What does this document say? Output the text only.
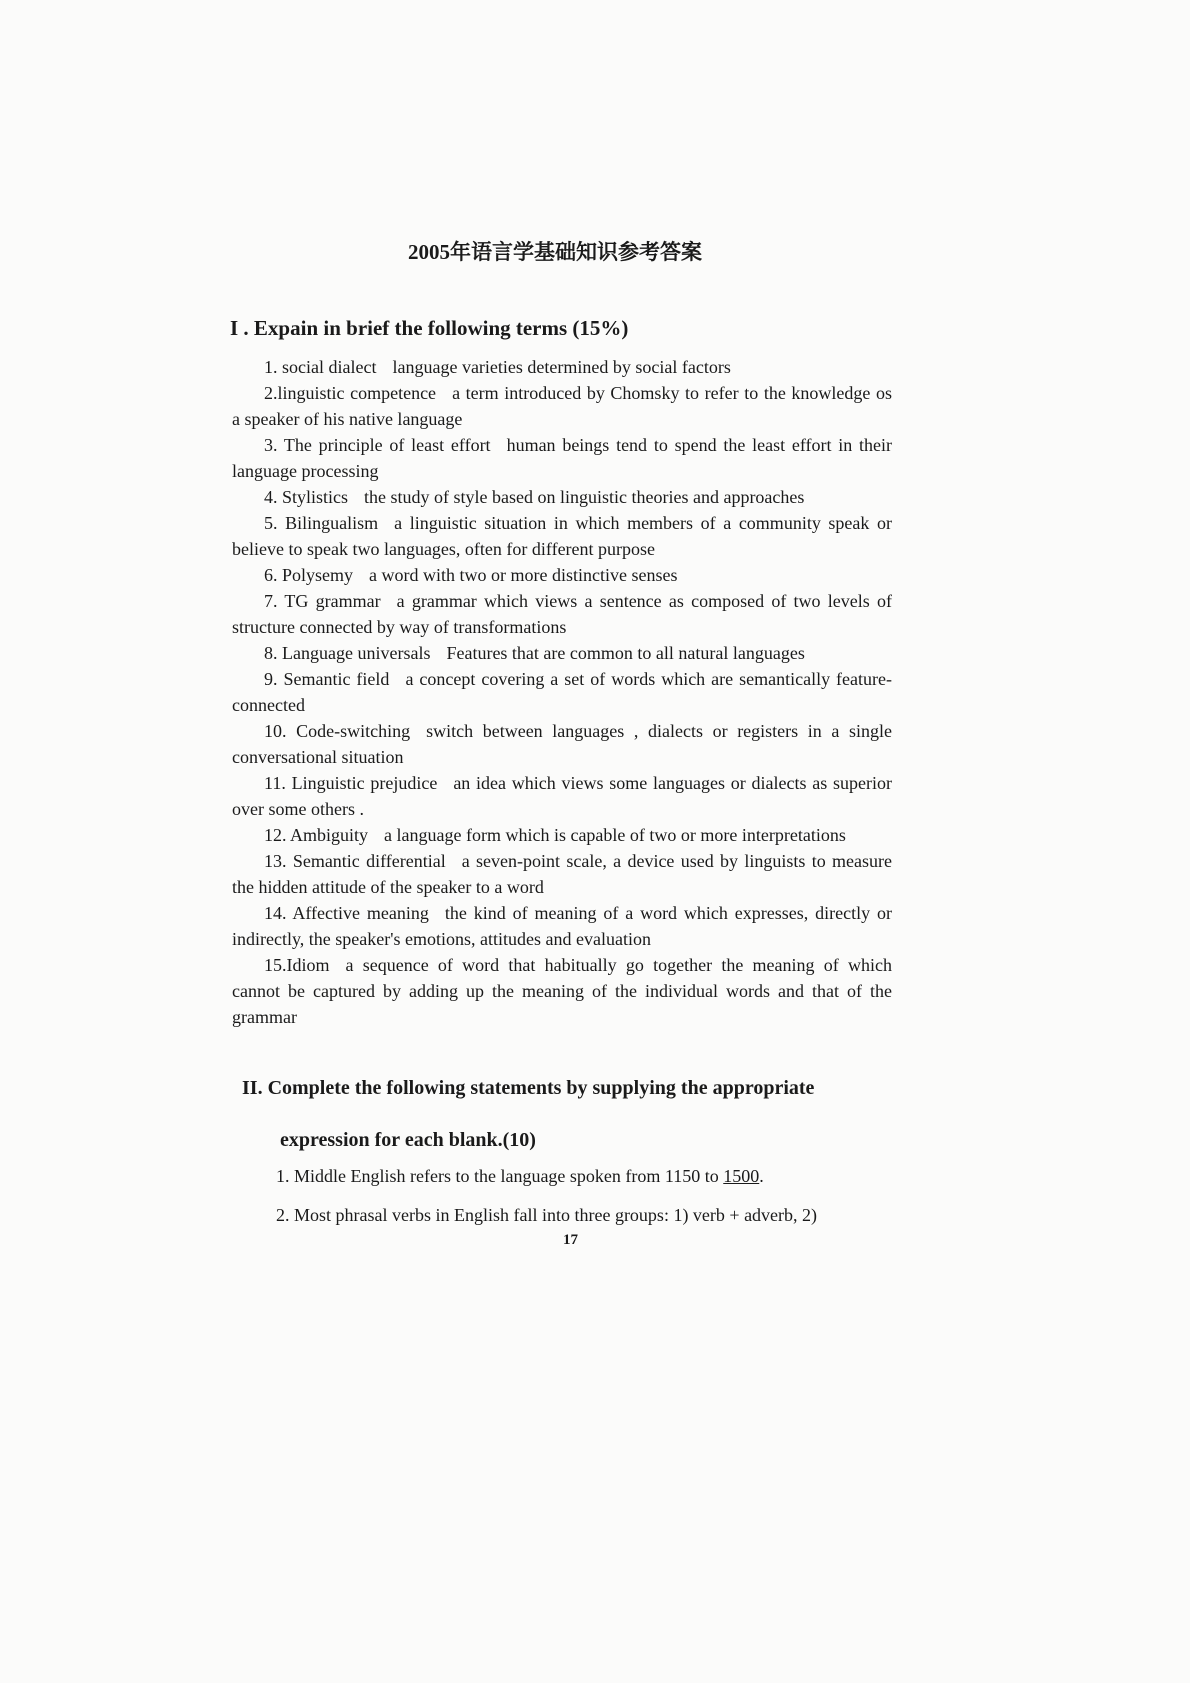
2005年语言学基础知识参考答案
I . Expain in brief the following terms (15%)

1. social dialect language varieties determined by social factors

2.linguistic competence a term introduced by Chomsky to refer to the knowledge os a speaker of his native language

3. The principle of least effort human beings tend to spend the least effort in their language processing

4. Stylistics the study of style based on linguistic theories and approaches

5. Bilingualism a linguistic situation in which members of a community speak or believe to speak two languages, often for different purpose

6. Polysemy a word with two or more distinctive senses

7. TG grammar a grammar which views a sentence as composed of two levels of structure connected by way of transformations

8. Language universals Features that are common to all natural languages

9. Semantic field a concept covering a set of words which are semantically feature-connected

10. Code-switching switch between languages , dialects or registers in a single conversational situation

11. Linguistic prejudice an idea which views some languages or dialects as superior over some others .

12. Ambiguity a language form which is capable of two or more interpretations

13. Semantic differential a seven-point scale, a device used by linguists to measure the hidden attitude of the speaker to a word

14. Affective meaning the kind of meaning of a word which expresses, directly or indirectly, the speaker's emotions, attitudes and evaluation

15.Idiom a sequence of word that habitually go together the meaning of which cannot be captured by adding up the meaning of the individual words and that of the grammar

II. Complete the following statements by supplying the appropriate
expression for each blank.(10)

1. Middle English refers to the language spoken from 1150 to 1500.

2. Most phrasal verbs in English fall into three groups: 1) verb + adverb, 2)

17
